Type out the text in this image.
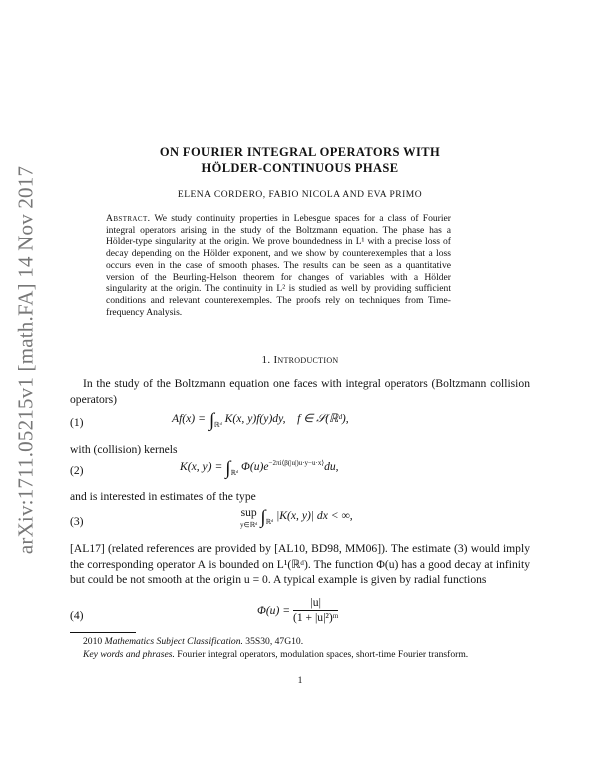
arXiv:1711.05215v1 [math.FA] 14 Nov 2017
ON FOURIER INTEGRAL OPERATORS WITH
HÖLDER-CONTINUOUS PHASE
ELENA CORDERO, FABIO NICOLA AND EVA PRIMO
Abstract. We study continuity properties in Lebesgue spaces for a class of Fourier integral operators arising in the study of the Boltzmann equation. The phase has a Hölder-type singularity at the origin. We prove boundedness in L¹ with a precise loss of decay depending on the Hölder exponent, and we show by counterexemples that a loss occurs even in the case of smooth phases. The results can be seen as a quantitative version of the Beurling-Helson theorem for changes of variables with a Hölder singularity at the origin. The continuity in L² is studied as well by providing sufficient conditions and relevant counterexemples. The proofs rely on techniques from Time-frequency Analysis.
1. Introduction
In the study of the Boltzmann equation one faces with integral operators (Boltzmann collision operators)
(1)	$Af(x) = \int_{ℝᵈ}$ K(x, y)f(y)dy, f ∈ 𝒮(ℝᵈ),
with (collision) kernels
(2)	K(x, $y) = \int_{ℝᵈ}$ $\Phi(u)e^{-2\pi i⟨\beta(|u|)u\cdot y-u\cdot x⟩}du$,
and is interested in estimates of the type
(3)
sup
y∈ℝᵈ $\int_{ℝᵈ}$ |K(x, y)| dx < ∞,
[AL17] (related references are provided by [AL10, BD98, MM06]). The estimate (3) would imply the corresponding operator A is bounded on L¹(ℝᵈ). The function Φ(u) has a good decay at infinity but could be not smooth at the origin u = 0. A typical example is given by radial functions
(4)	$\Phi(u) = \frac{|u|}{\text{(1 + |u|²)ᵐ}}$
2010 Mathematics Subject Classification. 35S30, 47G10.
Key words and phrases. Fourier integral operators, modulation spaces, short-time Fourier transform.
1
